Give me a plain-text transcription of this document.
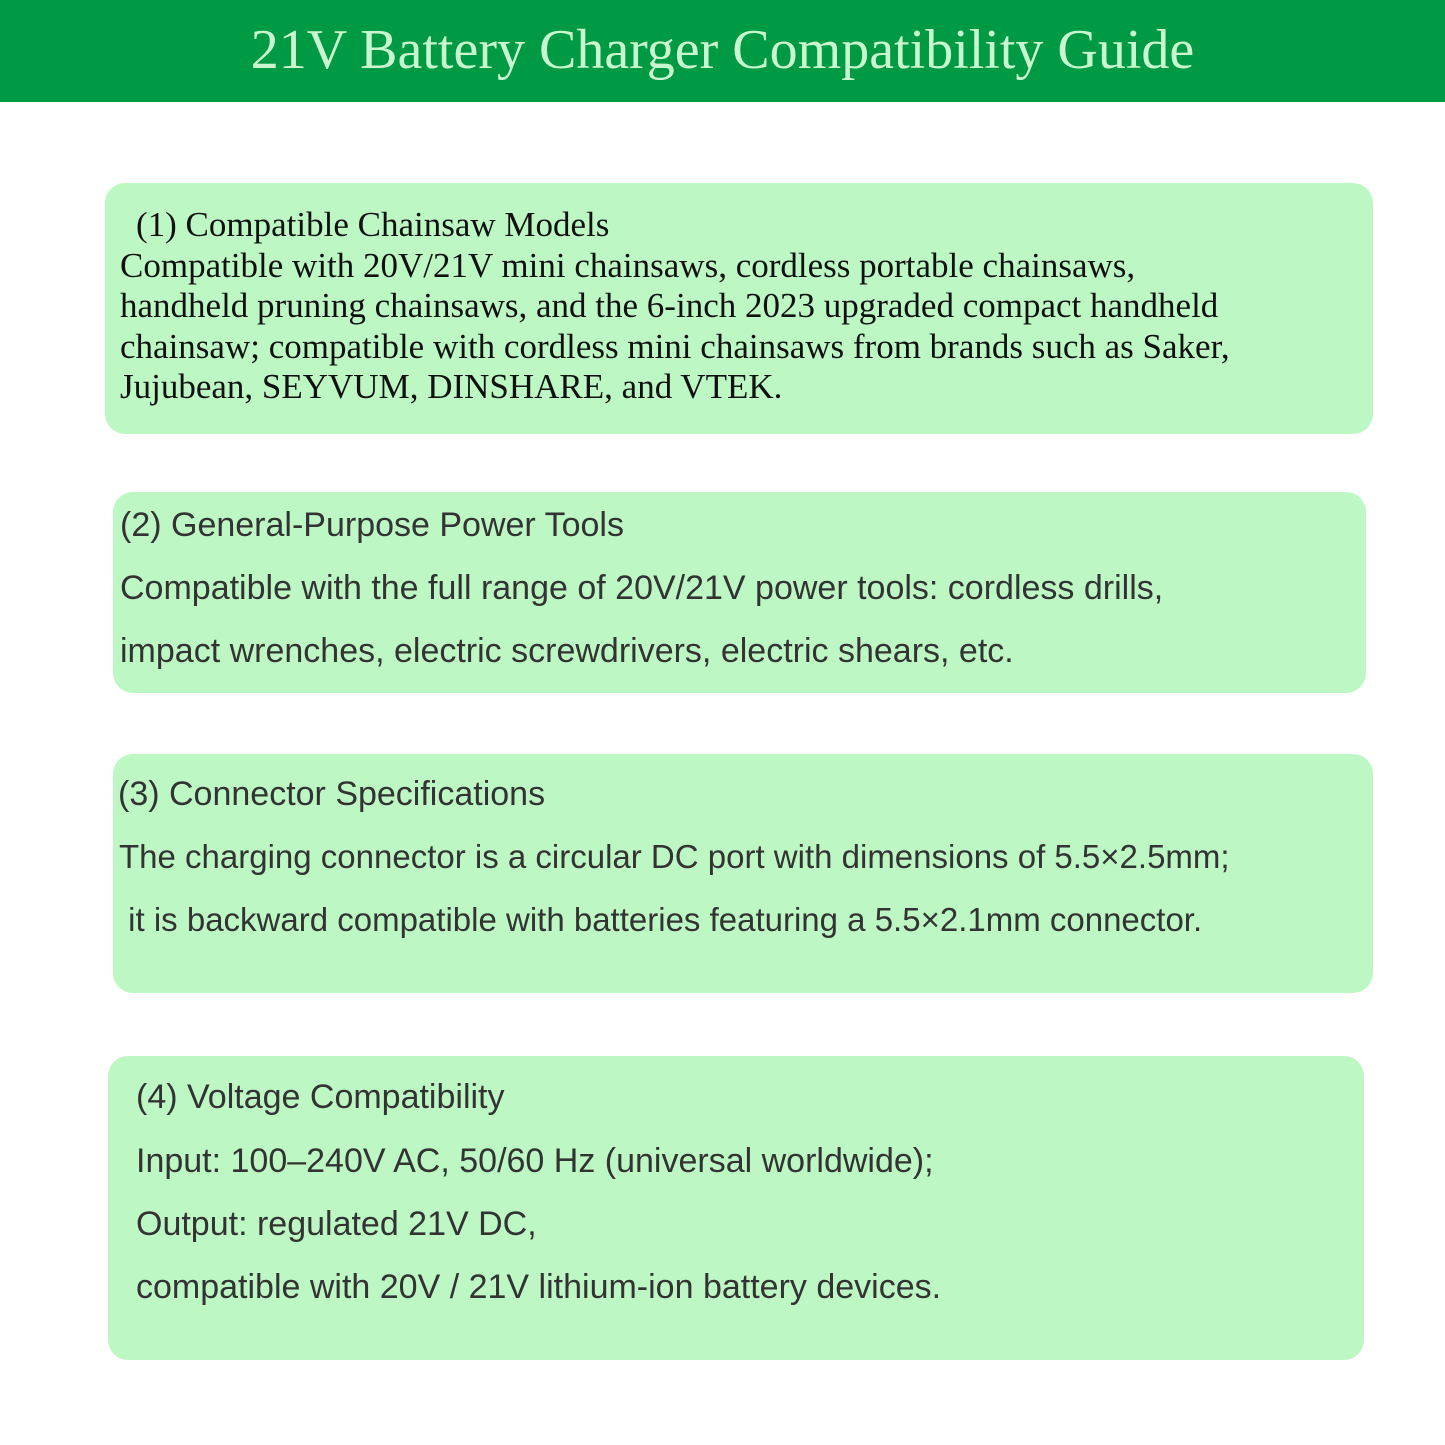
21V Battery Charger Compatibility Guide
(1) Compatible Chainsaw Models
Compatible with 20V/21V mini chainsaws, cordless portable chainsaws,
handheld pruning chainsaws, and the 6-inch 2023 upgraded compact handheld
chainsaw; compatible with cordless mini chainsaws from brands such as Saker,
Jujubean, SEYVUM, DINSHARE, and VTEK.
(2) General-Purpose Power Tools
Compatible with the full range of 20V/21V power tools: cordless drills,
impact wrenches, electric screwdrivers, electric shears, etc.
(3) Connector Specifications
The charging connector is a circular DC port with dimensions of 5.5×2.5mm;
it is backward compatible with batteries featuring a 5.5×2.1mm connector.
(4) Voltage Compatibility
Input: 100–240V AC, 50/60 Hz (universal worldwide);
Output: regulated 21V DC,
compatible with 20V / 21V lithium-ion battery devices.
